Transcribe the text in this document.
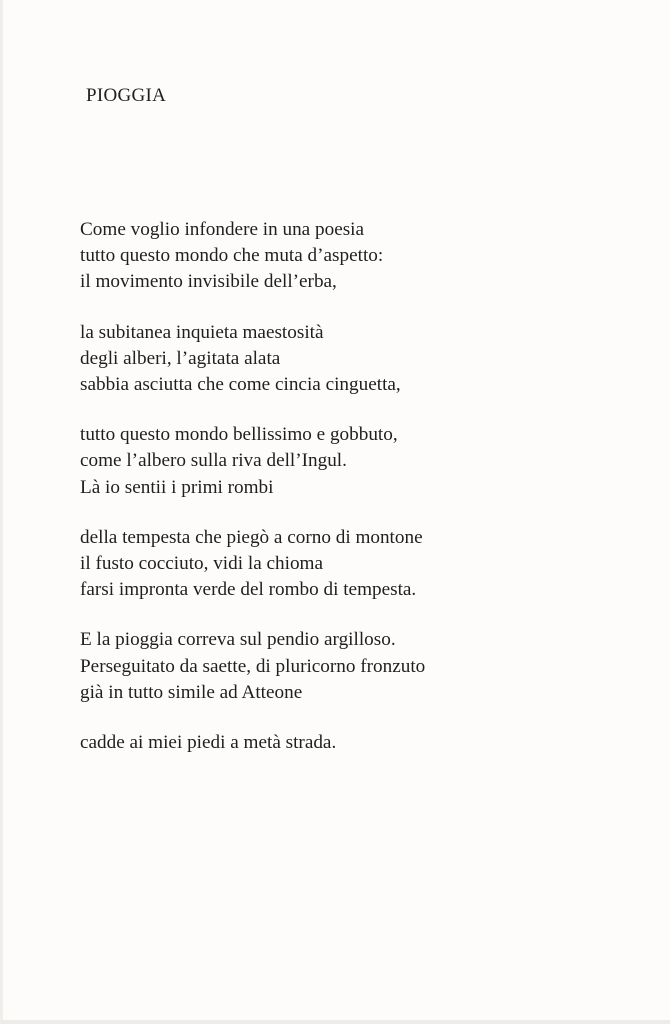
PIOGGIA
Come voglio infondere in una poesia
tutto questo mondo che muta d’aspetto:
il movimento invisibile dell’erba,
la subitanea inquieta maestosità
degli alberi, l’agitata alata
sabbia asciutta che come cincia cinguetta,
tutto questo mondo bellissimo e gobbuto,
come l’albero sulla riva dell’Ingul.
Là io sentii i primi rombi
della tempesta che piegò a corno di montone
il fusto cocciuto, vidi la chioma
farsi impronta verde del rombo di tempesta.
E la pioggia correva sul pendio argilloso.
Perseguitato da saette, di pluricorno fronzuto
già in tutto simile ad Atteone
cadde ai miei piedi a metà strada.
